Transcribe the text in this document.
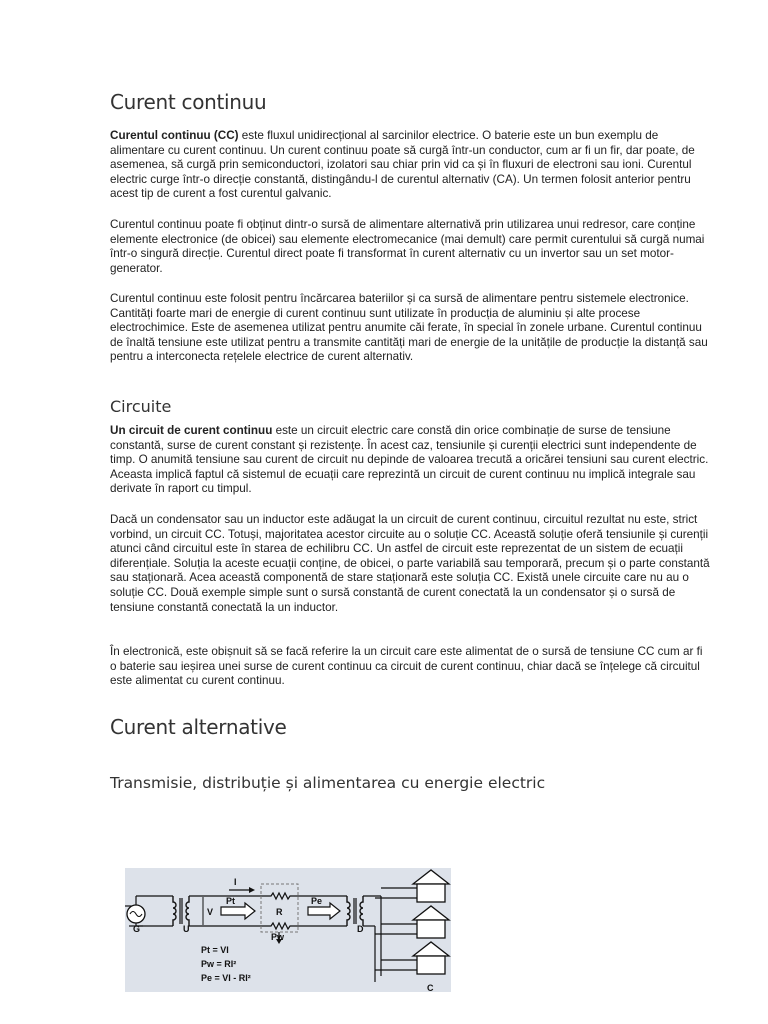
Curent continuu

Curentul continuu (CC) este fluxul unidirecțional al sarcinilor electrice. O baterie este un bun exemplu de alimentare cu curent continuu. Un curent continuu poate să curgă într-un conductor, cum ar fi un fir, dar poate, de asemenea, să curgă prin semiconductori, izolatori sau chiar prin vid ca și în fluxuri de electroni sau ioni. Curentul electric curge într-o direcție constantă, distingându-l de curentul alternativ (CA). Un termen folosit anterior pentru acest tip de curent a fost curentul galvanic.

Curentul continuu poate fi obținut dintr-o sursă de alimentare alternativă prin utilizarea unui redresor, care conține elemente electronice (de obicei) sau elemente electromecanice (mai demult) care permit curentului să curgă numai într-o singură direcție. Curentul direct poate fi transformat în curent alternativ cu un invertor sau un set motor-generator.

Curentul continuu este folosit pentru încărcarea bateriilor și ca sursă de alimentare pentru sistemele electronice. Cantități foarte mari de energie di curent continuu sunt utilizate în producția de aluminiu și alte procese electrochimice. Este de asemenea utilizat pentru anumite căi ferate, în special în zonele urbane. Curentul continuu de înaltă tensiune este utilizat pentru a transmite cantități mari de energie de la unitățile de producție la distanță sau pentru a interconecta rețelele electrice de curent alternativ.

Circuite

Un circuit de curent continuu este un circuit electric care constă din orice combinație de surse de tensiune constantă, surse de curent constant și rezistențe. În acest caz, tensiunile și curenții electrici sunt independente de timp. O anumită tensiune sau curent de circuit nu depinde de valoarea trecută a oricărei tensiuni sau curent electric. Aceasta implică faptul că sistemul de ecuații care reprezintă un circuit de curent continuu nu implică integrale sau derivate în raport cu timpul.

Dacă un condensator sau un inductor este adăugat la un circuit de curent continuu, circuitul rezultat nu este, strict vorbind, un circuit CC. Totuși, majoritatea acestor circuite au o soluție CC. Această soluție oferă tensiunile și curenții atunci când circuitul este în starea de echilibru CC. Un astfel de circuit este reprezentat de un sistem de ecuații diferențiale. Soluția la aceste ecuații conține, de obicei, o parte variabilă sau temporară, precum și o parte constantă sau staționară. Acea această componentă de stare staționară este soluția CC. Există unele circuite care nu au o soluție CC. Două exemple simple sunt o sursă constantă de curent conectată la un condensator și o sursă de tensiune constantă conectată la un inductor.

În electronică, este obișnuit să se facă referire la un circuit care este alimentat de o sursă de tensiune CC cum ar fi o baterie sau ieșirea unei surse de curent continuu ca circuit de curent continuu, chiar dacă se înțelege că circuitul este alimentat cu curent continuu.

Curent alternative
Transmisie, distribuție și alimentarea cu energie electric
G	U
V
I
Pt
R
Pe
Pw
D
C
Pt = VI
Pw = RI²
Pe = VI - RI²
